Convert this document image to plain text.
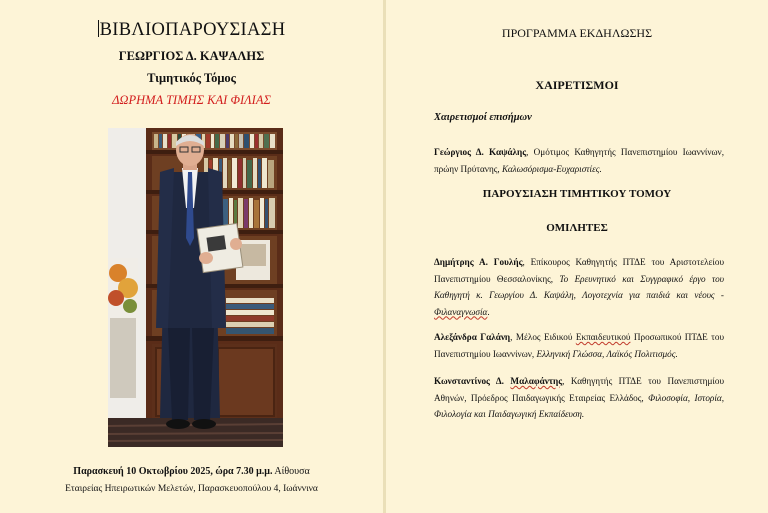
ΒΙΒΛΙΟΠΑΡΟΥΣΙΑΣΗ
ΓΕΩΡΓΙΟΣ Δ. ΚΑΨΑΛΗΣ
Τιμητικός Τόμος
ΔΩΡΗΜΑ ΤΙΜΗΣ ΚΑΙ ΦΙΛΙΑΣ
Παρασκευή 10 Οκτωβρίου 2025, ώρα 7.30 μ.μ. Αίθουσα
Εταιρείας Ηπειρωτικών Μελετών, Παρασκευοπούλου 4, Ιωάννινα
ΠΡΟΓΡΑΜΜΑ ΕΚΔΗΛΩΣΗΣ
ΧΑΙΡΕΤΙΣΜΟΙ
Χαιρετισμοί επισήμων
Γεώργιος Δ. Καψάλης, Ομότιμος Καθηγητής Πανεπιστημίου Ιωαννίνων, πρώην Πρύτανης, Καλωσόρισμα-Ευχαριστίες.
ΠΑΡΟΥΣΙΑΣΗ ΤΙΜΗΤΙΚΟΥ ΤΟΜΟΥ
ΟΜΙΛΗΤΕΣ
Δημήτρης Α. Γουλής, Επίκουρος Καθηγητής ΠΤΔΕ του Αριστοτελείου Πανεπιστημίου Θεσσαλονίκης, Το Ερευνητικό και Συγγραφικό έργο του Καθηγητή κ. Γεωργίου Δ. Καψάλη, Λογοτεχνία για παιδιά και νέους - Φιλαναγνωσία.
Αλεξάνδρα Γαλάνη, Μέλος Ειδικού Εκπαιδευτικού Προσωπικού ΠΤΔΕ του Πανεπιστημίου Ιωαννίνων, Ελληνική Γλώσσα, Λαϊκός Πολιτισμός.
Κωνσταντίνος Δ. Μαλαφάντης, Καθηγητής ΠΤΔΕ του Πανεπιστημίου Αθηνών, Πρόεδρος Παιδαγωγικής Εταιρείας Ελλάδος, Φιλοσοφία, Ιστορία, Φιλολογία και Παιδαγωγική Εκπαίδευση.
